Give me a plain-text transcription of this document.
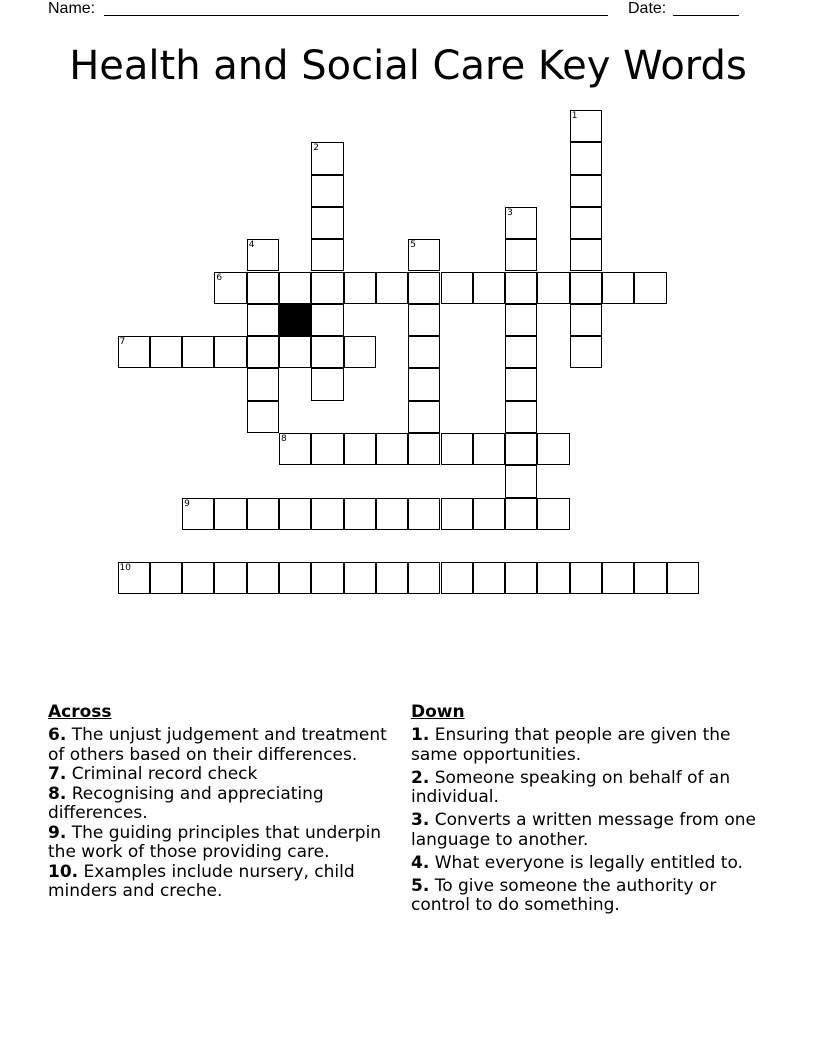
Name:	Date:
Health and Social Care Key Words
1
2
3
4	5
6
7
8
9
10
Across

6. The unjust judgement and treatment of others based on their differences.

7. Criminal record check

8. Recognising and appreciating differences.

9. The guiding principles that underpin the work of those providing care.

10. Examples include nursery, child minders and creche.

Down

1. Ensuring that people are given the same opportunities.

2. Someone speaking on behalf of an individual.

3. Converts a written message from one language to another.

4. What everyone is legally entitled to.

5. To give someone the authority or control to do something.
